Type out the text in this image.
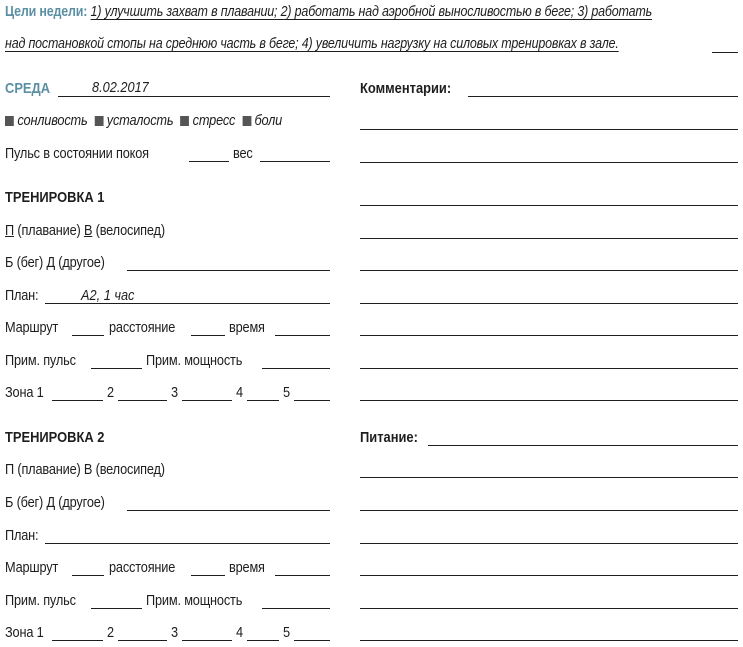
Цели недели: 1) улучшить захват в плавании; 2) работать над аэробной выносливостью в беге; 3) работать
над постановкой стопы на среднюю часть в беге; 4) увеличить нагрузку на силовых тренировках в зале.
СРЕДА	8.02.2017	Комментарии:
сонливость усталость стресс боли
Пульс в состоянии покоя	вес
ТРЕНИРОВКА 1
П (плавание) В (велосипед)
Б (бег) Д (другое)
План:	А2, 1 час
Маршрут	расстояние	время
Прим. пульс	Прим. мощность
Зона 1	2	3	4	5
ТРЕНИРОВКА 2
П (плавание) В (велосипед)
Б (бег) Д (другое)
План:
Маршрут	расстояние	время
Прим. пульс	Прим. мощность
Зона 1	2	3	4	5
Питание:
